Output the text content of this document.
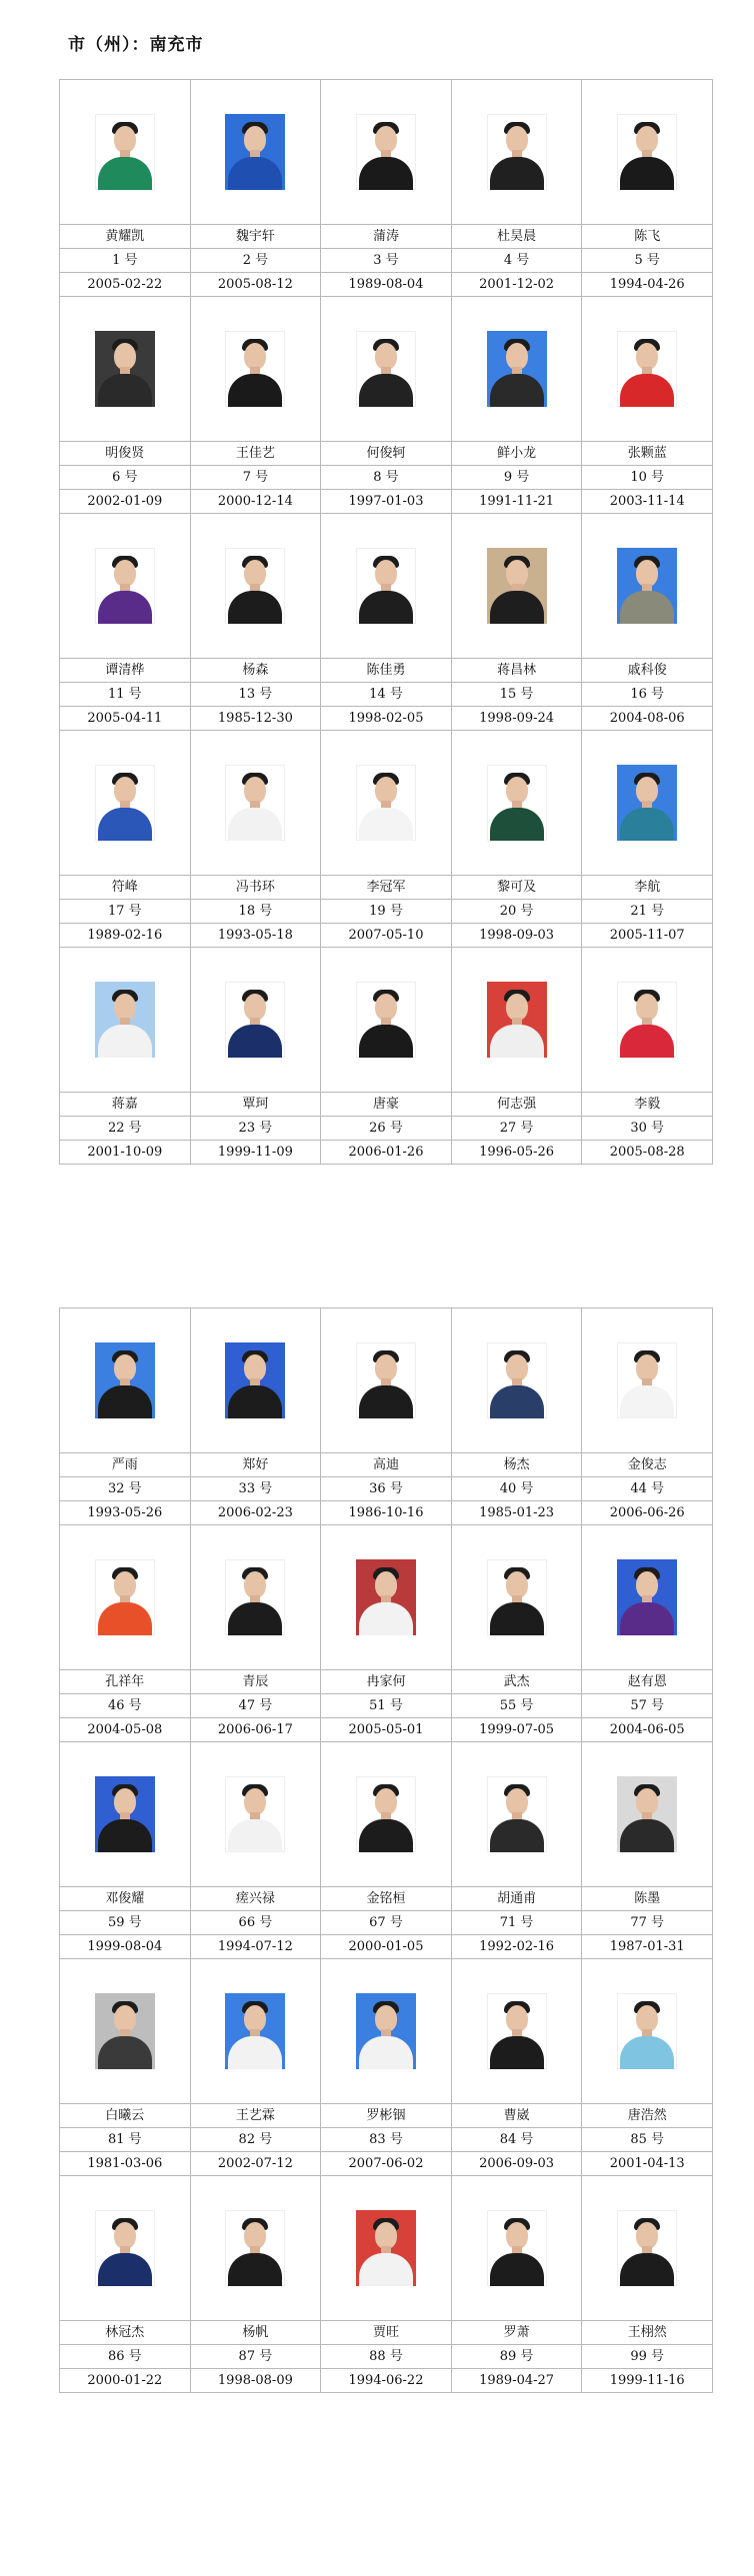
市（州）：南充市
黄耀凯
1 号
2005-02-22
魏宇轩
2 号
2005-08-12
蒲涛
3 号
1989-08-04
杜昊晨
4 号
2001-12-02
陈飞
5 号
1994-04-26
明俊贤
6 号
2002-01-09
王佳艺
7 号
2000-12-14
何俊轲
8 号
1997-01-03
鲜小龙
9 号
1991-11-21
张颗蓝
10 号
2003-11-14
谭清桦
11 号
2005-04-11
杨森
13 号
1985-12-30
陈佳勇
14 号
1998-02-05
蒋昌林
15 号
1998-09-24
戚科俊
16 号
2004-08-06
符峰
17 号
1989-02-16
冯书环
18 号
1993-05-18
李冠军
19 号
2007-05-10
黎可及
20 号
1998-09-03
李航
21 号
2005-11-07
蒋嘉
22 号
2001-10-09
覃珂
23 号
1999-11-09
唐豪
26 号
2006-01-26
何志强
27 号
1996-05-26
李毅
30 号
2005-08-28
严雨
32 号
1993-05-26
郑好
33 号
2006-02-23
高迪
36 号
1986-10-16
杨杰
40 号
1985-01-23
金俊志
44 号
2006-06-26
孔祥年
46 号
2004-05-08
青辰
47 号
2006-06-17
冉家何
51 号
2005-05-01
武杰
55 号
1999-07-05
赵有恩
57 号
2004-06-05
邓俊耀
59 号
1999-08-04
瘥兴禄
66 号
1994-07-12
金铭桓
67 号
2000-01-05
胡通甫
71 号
1992-02-16
陈墨
77 号
1987-01-31
白曦云
81 号
1981-03-06
王艺霖
82 号
2002-07-12
罗彬铟
83 号
2007-06-02
曹崴
84 号
2006-09-03
唐浩然
85 号
2001-04-13
林冠杰
86 号
2000-01-22
杨帆
87 号
1998-08-09
贾旺
88 号
1994-06-22
罗萧
89 号
1989-04-27
王栩然
99 号
1999-11-16
